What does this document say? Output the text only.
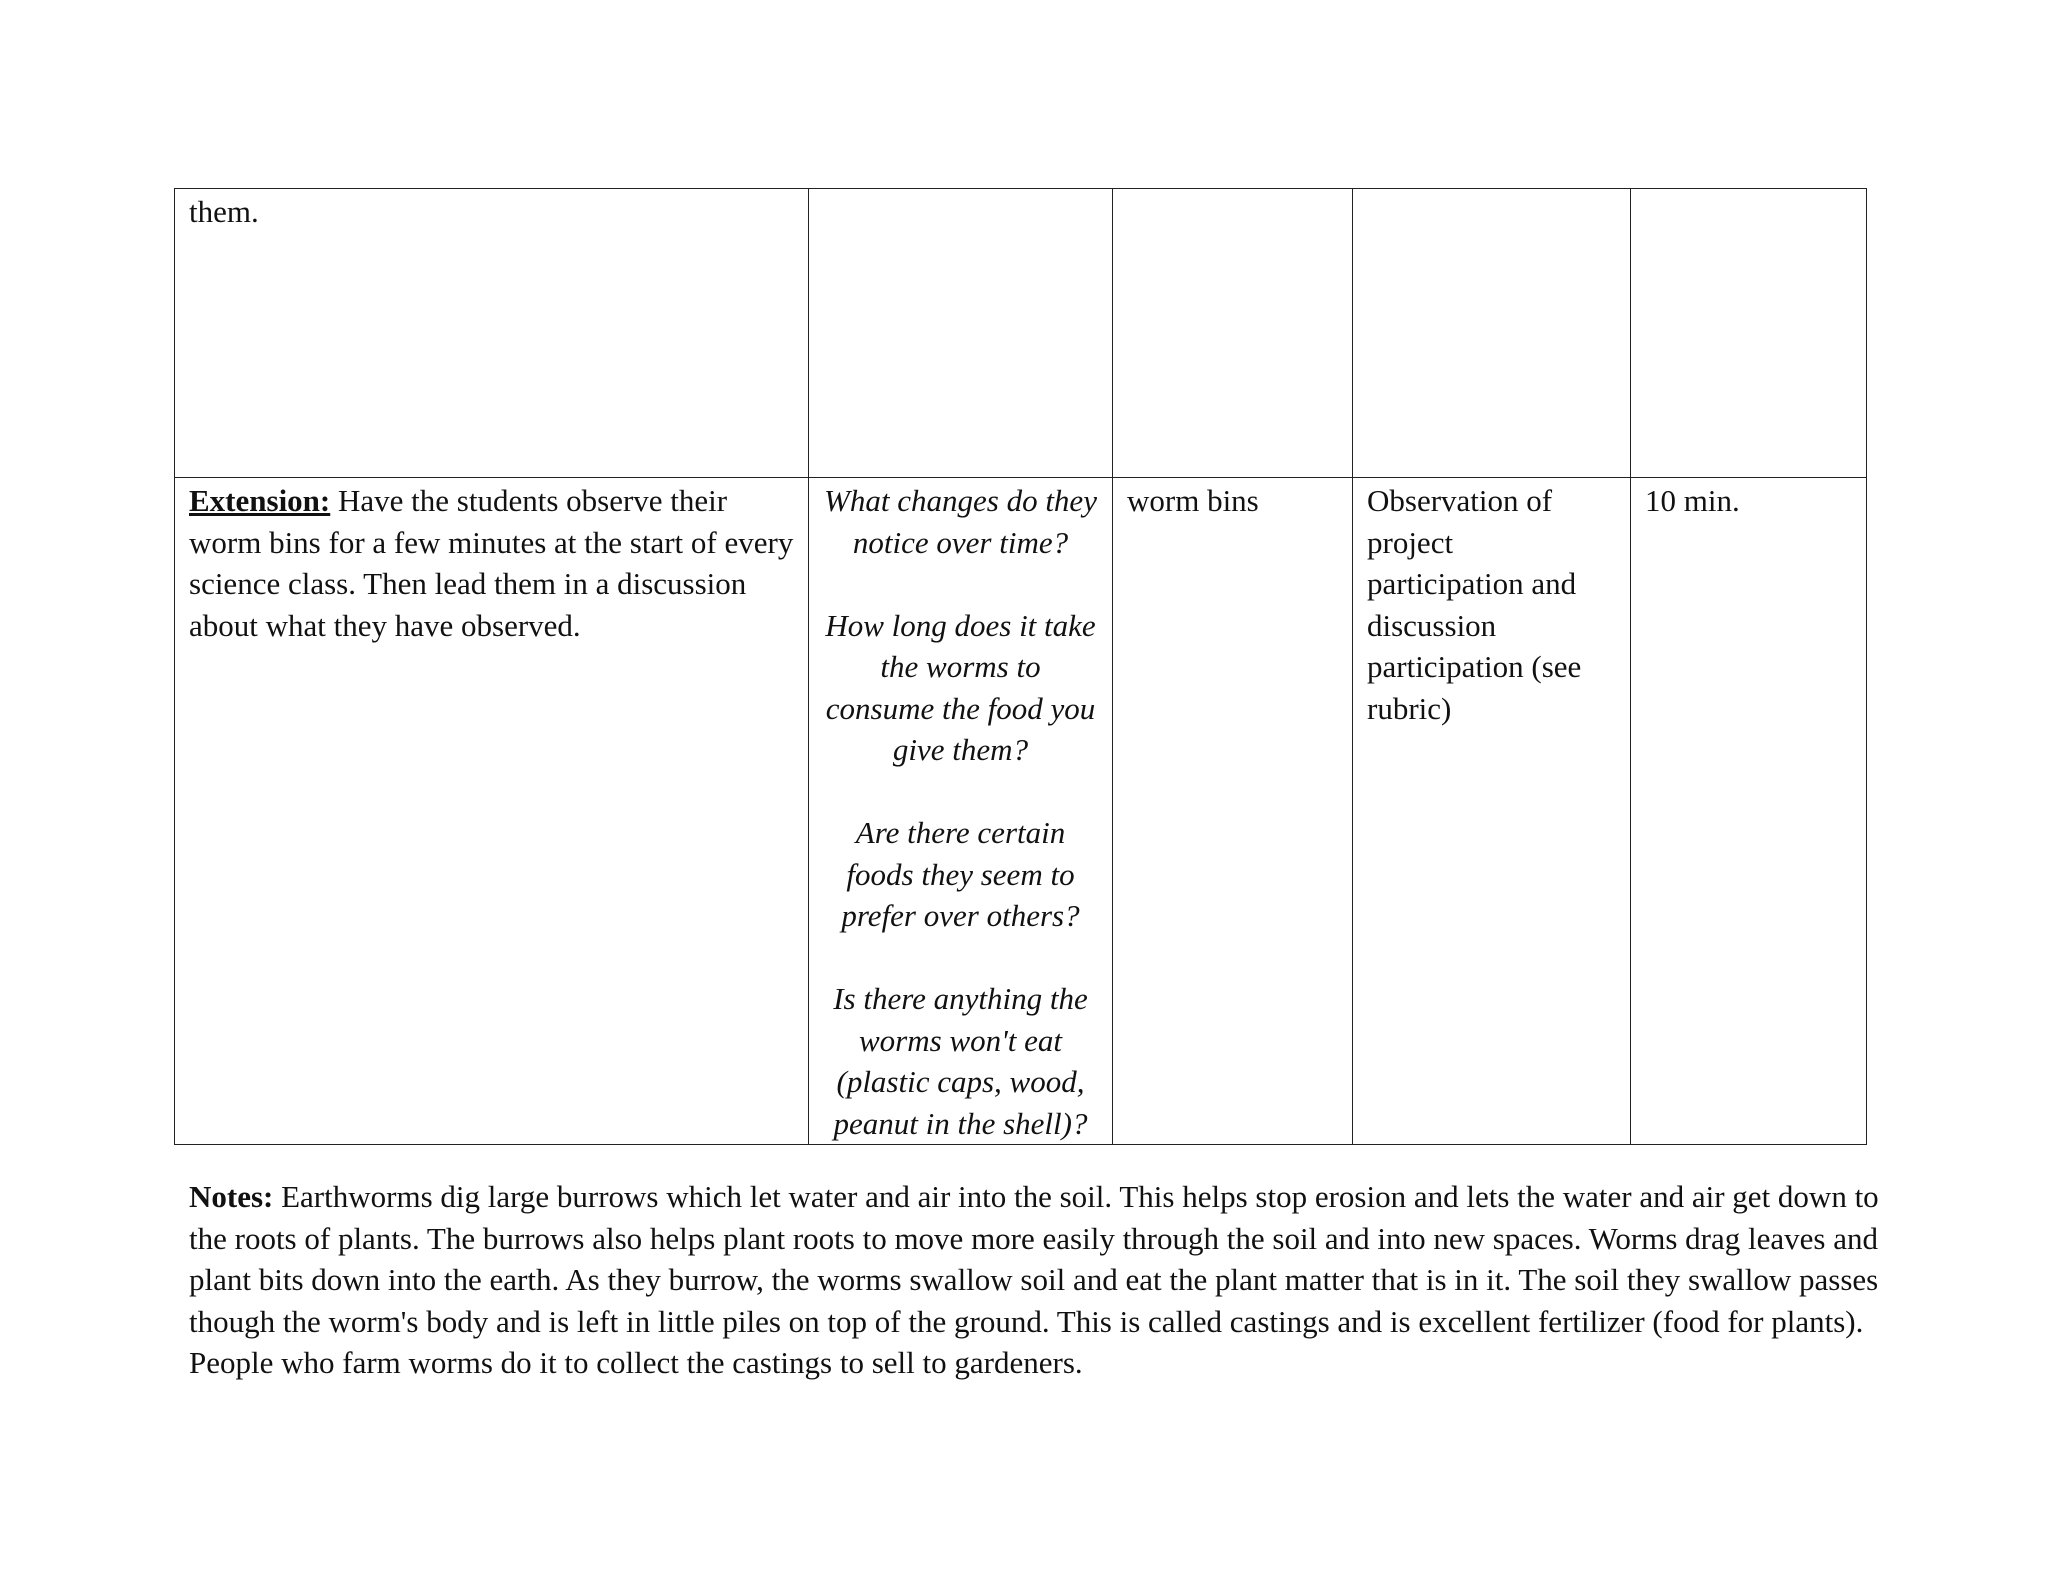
them.				
Extension: Have the students observe their worm bins for a few minutes at the start of every science class. Then lead them in a discussion about what they have observed.	What changes do they notice over time?

How long does it take the worms to consume the food you give them?

Are there certain foods they seem to prefer over others?

Is there anything the worms won't eat (plastic caps, wood, peanut in the shell)?	worm bins	Observation of project participation and discussion participation (see rubric)	10 min.

Notes: Earthworms dig large burrows which let water and air into the soil. This helps stop erosion and lets the water and air get down to the roots of plants. The burrows also helps plant roots to move more easily through the soil and into new spaces. Worms drag leaves and plant bits down into the earth. As they burrow, the worms swallow soil and eat the plant matter that is in it. The soil they swallow passes though the worm's body and is left in little piles on top of the ground. This is called castings and is excellent fertilizer (food for plants). People who farm worms do it to collect the castings to sell to gardeners.
